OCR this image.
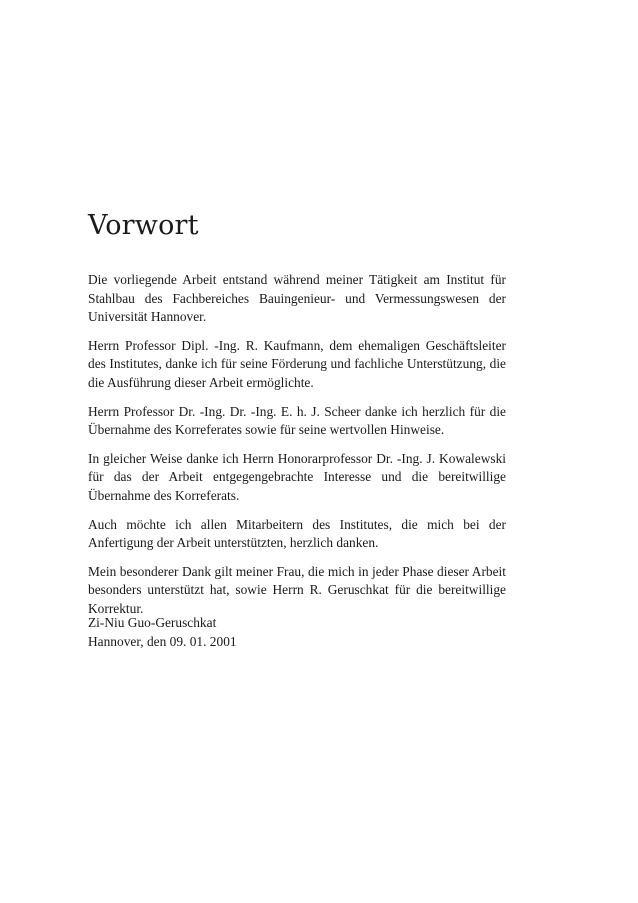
Vorwort

Die vorliegende Arbeit entstand während meiner Tätigkeit am Institut für Stahlbau des Fachbereiches Bauingenieur- und Vermessungswesen der Universität Hannover.

Herrn Professor Dipl. -Ing. R. Kaufmann, dem ehemaligen Geschäftsleiter des Institutes, danke ich für seine Förderung und fachliche Unterstützung, die die Ausführung dieser Arbeit ermöglichte.

Herrn Professor Dr. -Ing. Dr. -Ing. E. h. J. Scheer danke ich herzlich für die Übernahme des Korreferates sowie für seine wertvollen Hinweise.

In gleicher Weise danke ich Herrn Honorarprofessor Dr. -Ing. J. Kowalewski für das der Arbeit entgegengebrachte Interesse und die bereitwillige Übernahme des Korreferats.

Auch möchte ich allen Mitarbeitern des Institutes, die mich bei der Anfertigung der Arbeit unterstützten, herzlich danken.

Mein besonderer Dank gilt meiner Frau, die mich in jeder Phase dieser Arbeit besonders unterstützt hat, sowie Herrn R. Geruschkat für die bereitwillige Korrektur.

Zi-Niu Guo-Geruschkat
Hannover, den 09. 01. 2001
